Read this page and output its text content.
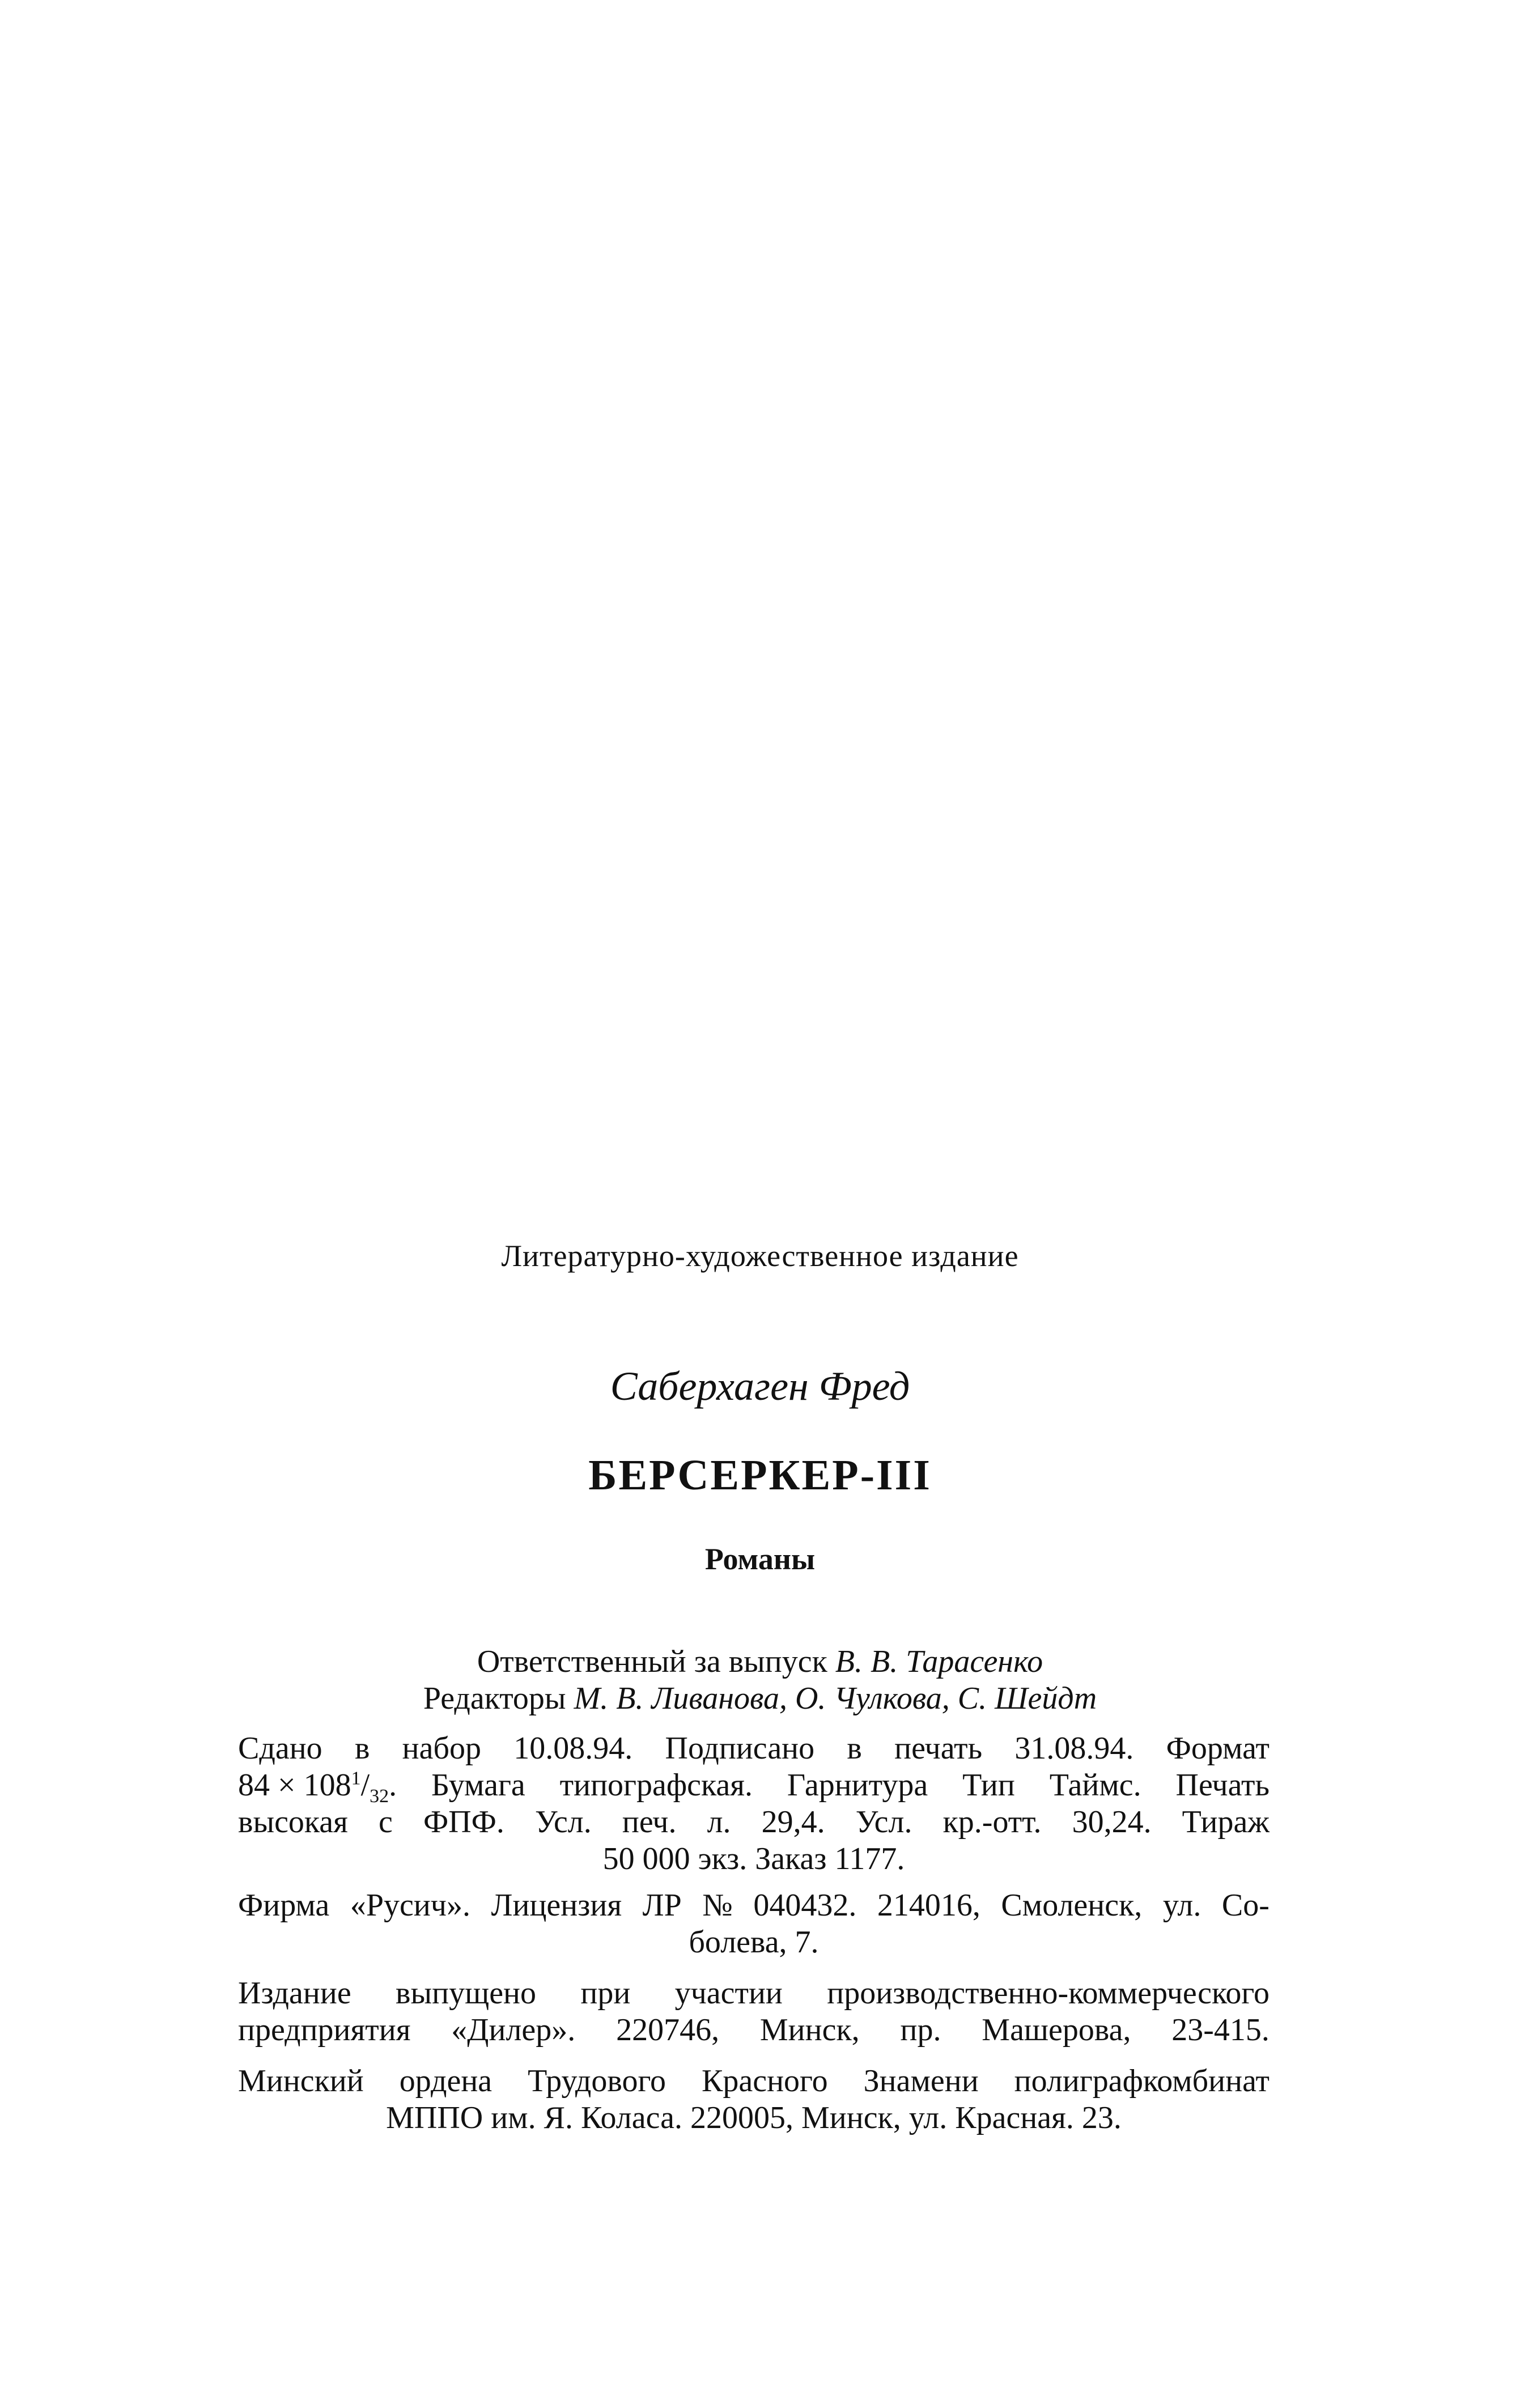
Литературно-художественное издание
Саберхаген Фред
БЕРСЕРКЕР-III
Романы
Ответственный за выпуск В. В. Тарасенко
Редакторы М. В. Ливанова, О. Чулкова, С. Шейдт
Сдано в набор 10.08.94. Подписано в печать 31.08.94. Формат
$84 \times 108^1/_{32}$. Бумага типографская. Гарнитура Тип Таймс. Печать
высокая с ФПФ. Усл. печ. л. 29,4. Усл. кр.-отт. 30,24. Тираж
50 000 экз. Заказ 1177.
Фирма «Русич». Лицензия ЛР № 040432. 214016, Смоленск, ул. Со-
болева, 7.
Издание выпущено при участии производственно-коммерческого
предприятия «Дилер». 220746, Минск, пр. Машерова, 23-415.
Минский ордена Трудового Красного Знамени полиграфкомбинат
МППО им. Я. Коласа. 220005, Минск, ул. Красная. 23.
